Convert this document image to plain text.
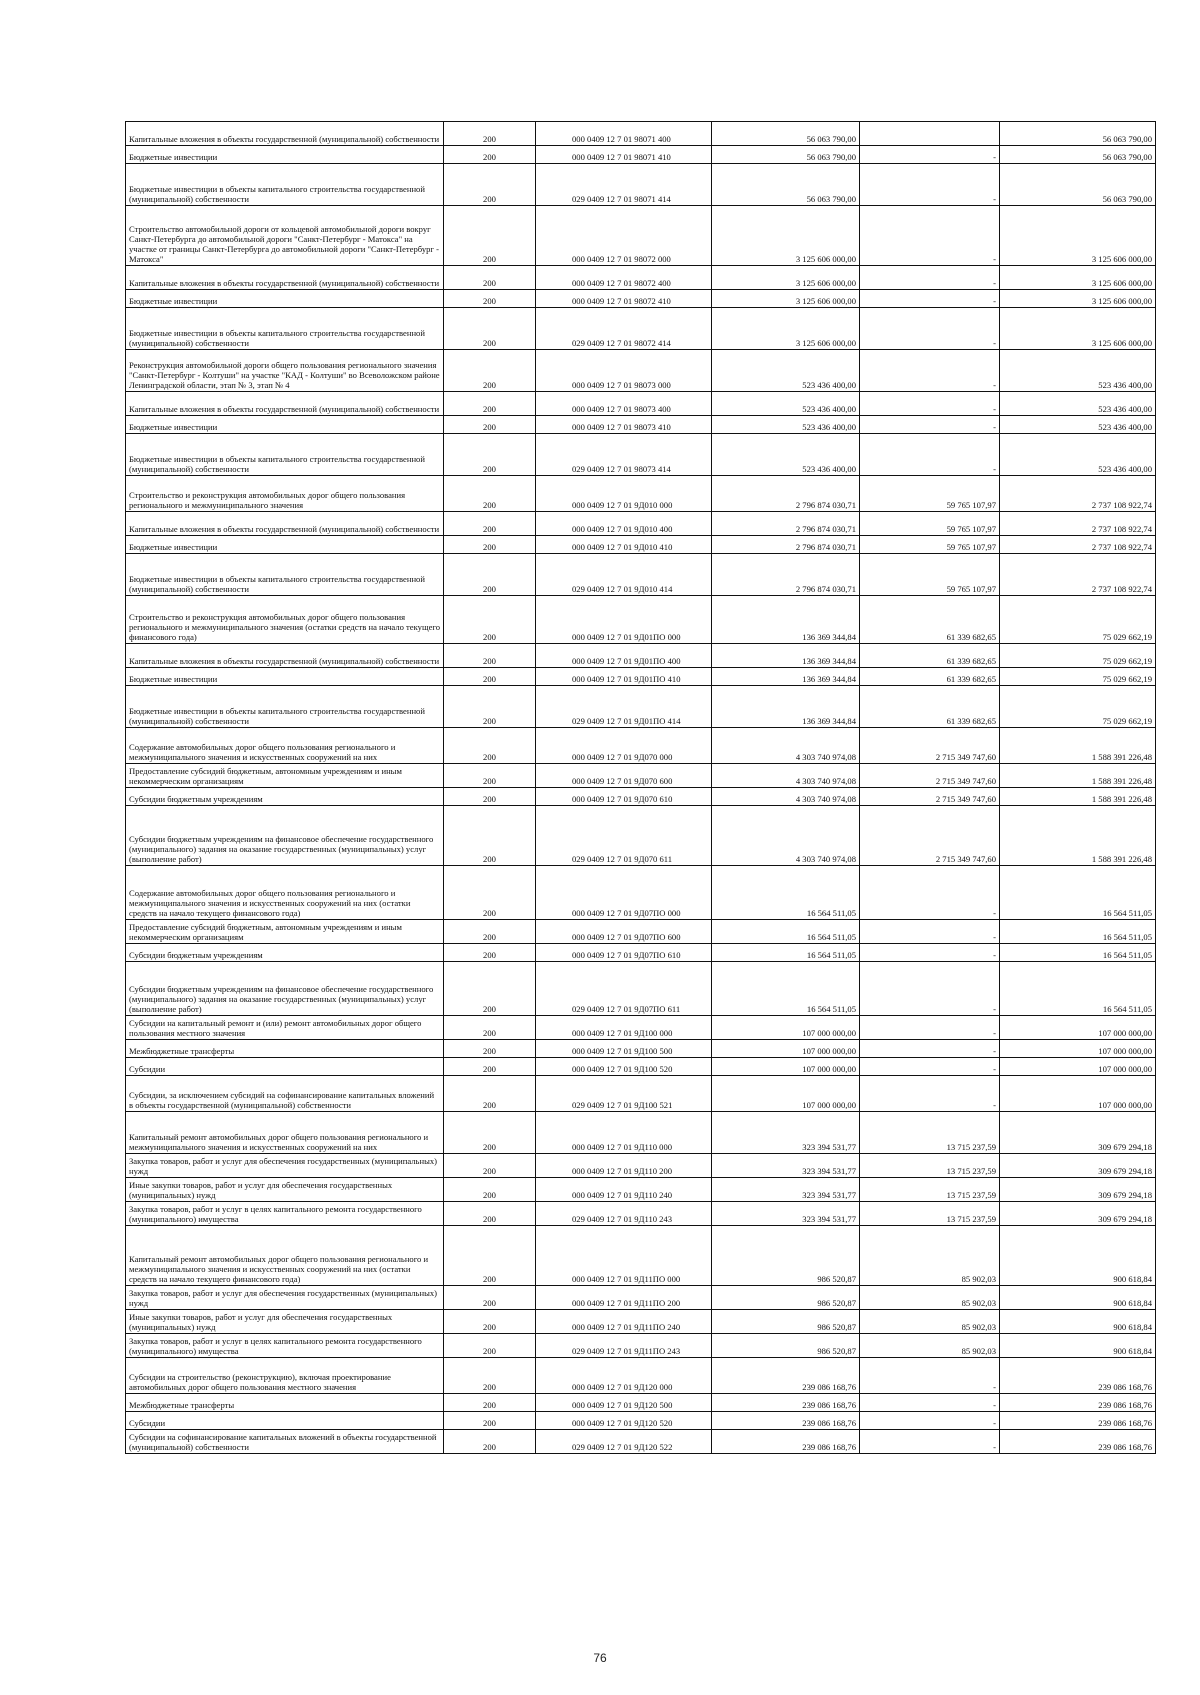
Капитальные вложения в объекты государственной (муниципальной) собственности	200	000 0409 12 7 01 98071 400	56 063 790,00		56 063 790,00
Бюджетные инвестиции	200	000 0409 12 7 01 98071 410	56 063 790,00	-	56 063 790,00
Бюджетные инвестиции в объекты капитального строительства государственной (муниципальной) собственности	200	029 0409 12 7 01 98071 414	56 063 790,00	-	56 063 790,00
Строительство автомобильной дороги от кольцевой автомобильной дороги вокруг Санкт-Петербурга до автомобильной дороги "Санкт-Петербург - Матокса" на участке от границы Санкт-Петербурга до автомобильной дороги "Санкт-Петербург - Матокса"	200	000 0409 12 7 01 98072 000	3 125 606 000,00	-	3 125 606 000,00
Капитальные вложения в объекты государственной (муниципальной) собственности	200	000 0409 12 7 01 98072 400	3 125 606 000,00	-	3 125 606 000,00
Бюджетные инвестиции	200	000 0409 12 7 01 98072 410	3 125 606 000,00	-	3 125 606 000,00
Бюджетные инвестиции в объекты капитального строительства государственной (муниципальной) собственности	200	029 0409 12 7 01 98072 414	3 125 606 000,00	-	3 125 606 000,00
Реконструкция автомобильной дороги общего пользования регионального значения "Санкт-Петербург - Колтуши" на участке "КАД - Колтуши" во Всеволожском районе Ленинградской области, этап № 3, этап № 4	200	000 0409 12 7 01 98073 000	523 436 400,00	-	523 436 400,00
Капитальные вложения в объекты государственной (муниципальной) собственности	200	000 0409 12 7 01 98073 400	523 436 400,00	-	523 436 400,00
Бюджетные инвестиции	200	000 0409 12 7 01 98073 410	523 436 400,00	-	523 436 400,00
Бюджетные инвестиции в объекты капитального строительства государственной (муниципальной) собственности	200	029 0409 12 7 01 98073 414	523 436 400,00	-	523 436 400,00
Строительство и реконструкция автомобильных дорог общего пользования регионального и межмуниципального значения	200	000 0409 12 7 01 9Д010 000	2 796 874 030,71	59 765 107,97	2 737 108 922,74
Капитальные вложения в объекты государственной (муниципальной) собственности	200	000 0409 12 7 01 9Д010 400	2 796 874 030,71	59 765 107,97	2 737 108 922,74
Бюджетные инвестиции	200	000 0409 12 7 01 9Д010 410	2 796 874 030,71	59 765 107,97	2 737 108 922,74
Бюджетные инвестиции в объекты капитального строительства государственной (муниципальной) собственности	200	029 0409 12 7 01 9Д010 414	2 796 874 030,71	59 765 107,97	2 737 108 922,74
Строительство и реконструкция автомобильных дорог общего пользования регионального и межмуниципального значения (остатки средств на начало текущего финансового года)	200	000 0409 12 7 01 9Д01ПО 000	136 369 344,84	61 339 682,65	75 029 662,19
Капитальные вложения в объекты государственной (муниципальной) собственности	200	000 0409 12 7 01 9Д01ПО 400	136 369 344,84	61 339 682,65	75 029 662,19
Бюджетные инвестиции	200	000 0409 12 7 01 9Д01ПО 410	136 369 344,84	61 339 682,65	75 029 662,19
Бюджетные инвестиции в объекты капитального строительства государственной (муниципальной) собственности	200	029 0409 12 7 01 9Д01ПО 414	136 369 344,84	61 339 682,65	75 029 662,19
Содержание автомобильных дорог общего пользования регионального и межмуниципального значения и искусственных сооружений на них	200	000 0409 12 7 01 9Д070 000	4 303 740 974,08	2 715 349 747,60	1 588 391 226,48
Предоставление субсидий бюджетным, автономным учреждениям и иным некоммерческим организациям	200	000 0409 12 7 01 9Д070 600	4 303 740 974,08	2 715 349 747,60	1 588 391 226,48
Субсидии бюджетным учреждениям	200	000 0409 12 7 01 9Д070 610	4 303 740 974,08	2 715 349 747,60	1 588 391 226,48
Субсидии бюджетным учреждениям на финансовое обеспечение государственного (муниципального) задания на оказание государственных (муниципальных) услуг (выполнение работ)	200	029 0409 12 7 01 9Д070 611	4 303 740 974,08	2 715 349 747,60	1 588 391 226,48
Содержание автомобильных дорог общего пользования регионального и межмуниципального значения и искусственных сооружений на них (остатки средств на начало текущего финансового года)	200	000 0409 12 7 01 9Д07ПО 000	16 564 511,05	-	16 564 511,05
Предоставление субсидий бюджетным, автономным учреждениям и иным некоммерческим организациям	200	000 0409 12 7 01 9Д07ПО 600	16 564 511,05	-	16 564 511,05
Субсидии бюджетным учреждениям	200	000 0409 12 7 01 9Д07ПО 610	16 564 511,05	-	16 564 511,05
Субсидии бюджетным учреждениям на финансовое обеспечение государственного (муниципального) задания на оказание государственных (муниципальных) услуг (выполнение работ)	200	029 0409 12 7 01 9Д07ПО 611	16 564 511,05	-	16 564 511,05
Субсидии на капитальный ремонт и (или) ремонт автомобильных дорог общего пользования местного значения	200	000 0409 12 7 01 9Д100 000	107 000 000,00	-	107 000 000,00
Межбюджетные трансферты	200	000 0409 12 7 01 9Д100 500	107 000 000,00	-	107 000 000,00
Субсидии	200	000 0409 12 7 01 9Д100 520	107 000 000,00	-	107 000 000,00
Субсидии, за исключением субсидий на софинансирование капитальных вложений в объекты государственной (муниципальной) собственности	200	029 0409 12 7 01 9Д100 521	107 000 000,00	-	107 000 000,00
Капитальный ремонт автомобильных дорог общего пользования регионального и межмуниципального значения и искусственных сооружений на них	200	000 0409 12 7 01 9Д110 000	323 394 531,77	13 715 237,59	309 679 294,18
Закупка товаров, работ и услуг для обеспечения государственных (муниципальных) нужд	200	000 0409 12 7 01 9Д110 200	323 394 531,77	13 715 237,59	309 679 294,18
Иные закупки товаров, работ и услуг для обеспечения государственных (муниципальных) нужд	200	000 0409 12 7 01 9Д110 240	323 394 531,77	13 715 237,59	309 679 294,18
Закупка товаров, работ и услуг в целях капитального ремонта государственного (муниципального) имущества	200	029 0409 12 7 01 9Д110 243	323 394 531,77	13 715 237,59	309 679 294,18
Капитальный ремонт автомобильных дорог общего пользования регионального и межмуниципального значения и искусственных сооружений на них (остатки средств на начало текущего финансового года)	200	000 0409 12 7 01 9Д11ПО 000	986 520,87	85 902,03	900 618,84
Закупка товаров, работ и услуг для обеспечения государственных (муниципальных) нужд	200	000 0409 12 7 01 9Д11ПО 200	986 520,87	85 902,03	900 618,84
Иные закупки товаров, работ и услуг для обеспечения государственных (муниципальных) нужд	200	000 0409 12 7 01 9Д11ПО 240	986 520,87	85 902,03	900 618,84
Закупка товаров, работ и услуг в целях капитального ремонта государственного (муниципального) имущества	200	029 0409 12 7 01 9Д11ПО 243	986 520,87	85 902,03	900 618,84
Субсидии на строительство (реконструкцию), включая проектирование автомобильных дорог общего пользования местного значения	200	000 0409 12 7 01 9Д120 000	239 086 168,76	-	239 086 168,76
Межбюджетные трансферты	200	000 0409 12 7 01 9Д120 500	239 086 168,76	-	239 086 168,76
Субсидии	200	000 0409 12 7 01 9Д120 520	239 086 168,76	-	239 086 168,76
Субсидии на софинансирование капитальных вложений в объекты государственной (муниципальной) собственности	200	029 0409 12 7 01 9Д120 522	239 086 168,76	-	239 086 168,76
76
